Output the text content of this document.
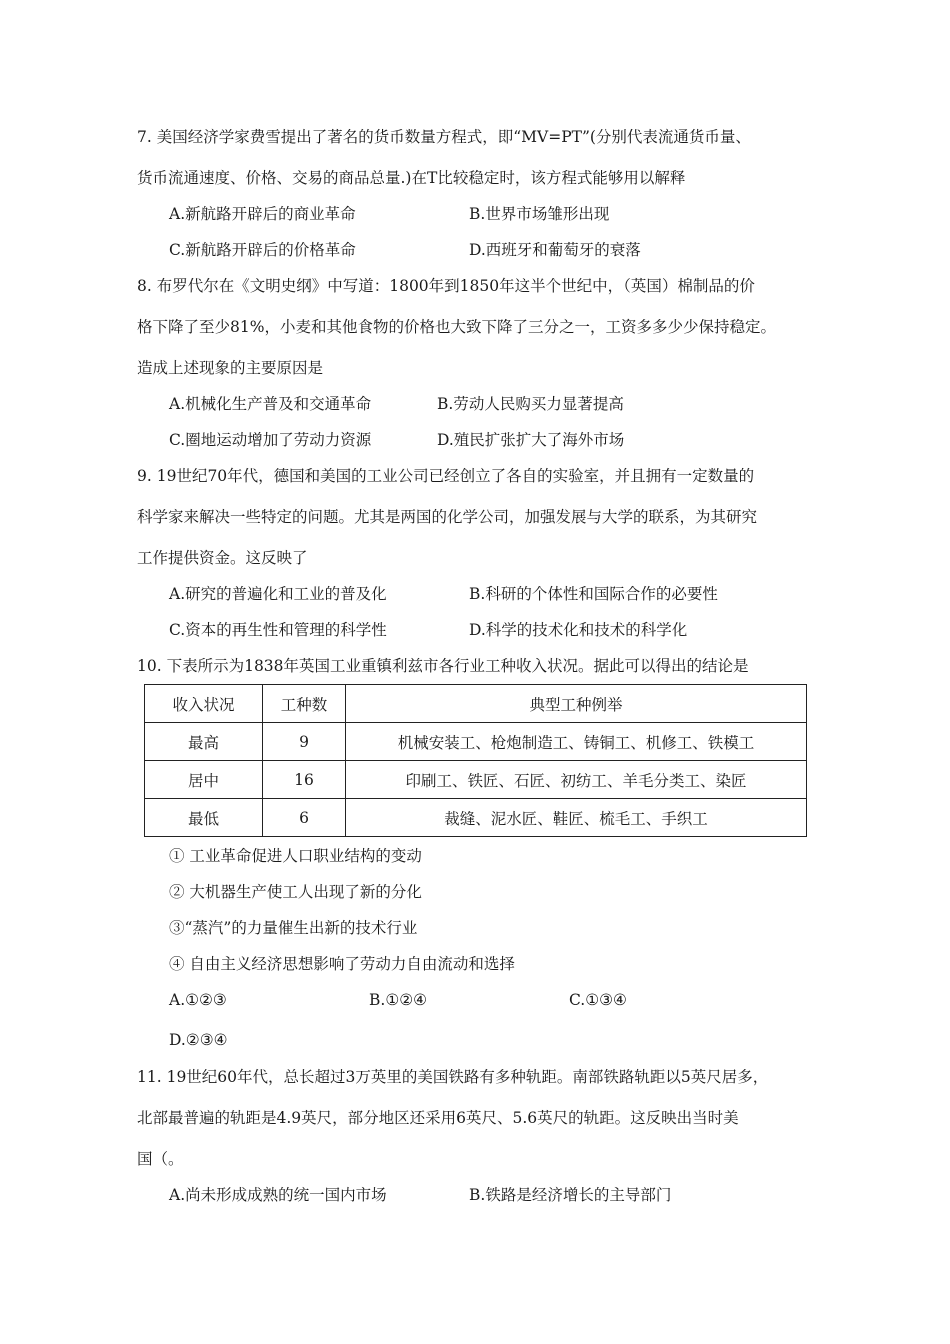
7. 美国经济学家费雪提出了著名的货币数量方程式，即“MV=PT”(分别代表流通货币量、
货币流通速度、价格、交易的商品总量.)在T比较稳定时，该方程式能够用以解释
A.新航路开辟后的商业革命	B.世界市场雏形出现
C.新航路开辟后的价格革命	D.西班牙和葡萄牙的衰落
8. 布罗代尔在《文明史纲》中写道：1800年到1850年这半个世纪中，（英国）棉制品的价
格下降了至少81%，小麦和其他食物的价格也大致下降了三分之一，工资多多少少保持稳定。
造成上述现象的主要原因是
A.机械化生产普及和交通革命	B.劳动人民购买力显著提高
C.圈地运动增加了劳动力资源	D.殖民扩张扩大了海外市场
9. 19世纪70年代，德国和美国的工业公司已经创立了各自的实验室，并且拥有一定数量的
科学家来解决一些特定的问题。尤其是两国的化学公司，加强发展与大学的联系，为其研究
工作提供资金。这反映了
A.研究的普遍化和工业的普及化	B.科研的个体性和国际合作的必要性
C.资本的再生性和管理的科学性	D.科学的技术化和技术的科学化
10. 下表所示为1838年英国工业重镇利兹市各行业工种收入状况。据此可以得出的结论是
收入状况	工种数	典型工种例举
最高	9	机械安装工、枪炮制造工、铸铜工、机修工、铁模工
居中	16	印刷工、铁匠、石匠、初纺工、羊毛分类工、染匠
最低	6	裁缝、泥水匠、鞋匠、梳毛工、手织工
① 工业革命促进人口职业结构的变动
② 大机器生产使工人出现了新的分化
③“蒸汽”的力量催生出新的技术行业
④ 自由主义经济思想影响了劳动力自由流动和选择
A.①②③	B.①②④	C.①③④
D.②③④
11. 19世纪60年代，总长超过3万英里的美国铁路有多种轨距。南部铁路轨距以5英尺居多，
北部最普遍的轨距是4.9英尺，部分地区还采用6英尺、5.6英尺的轨距。这反映出当时美
国（。
A.尚未形成成熟的统一国内市场	B.铁路是经济增长的主导部门
